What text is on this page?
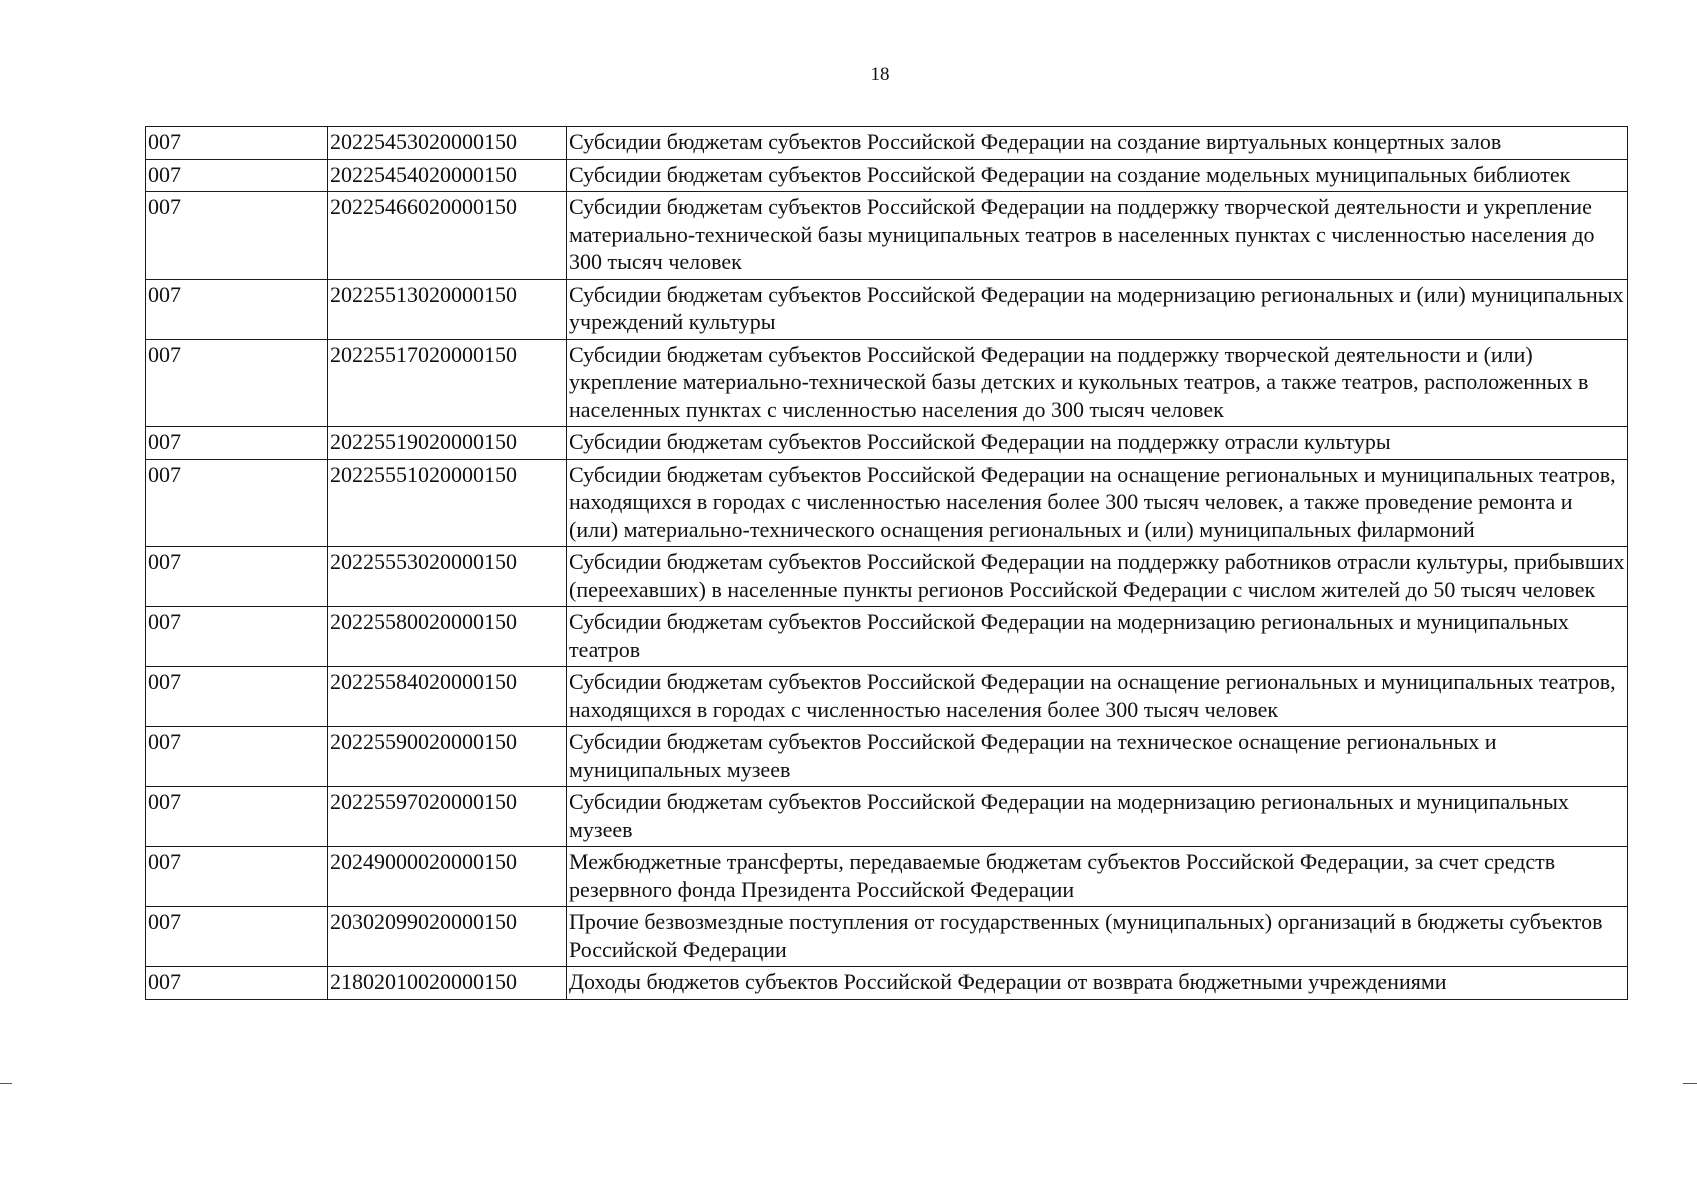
18
007	20225453020000150	Субсидии бюджетам субъектов Российской Федерации на создание виртуальных концертных залов
007	20225454020000150	Субсидии бюджетам субъектов Российской Федерации на создание модельных муниципальных библиотек
007	20225466020000150	Субсидии бюджетам субъектов Российской Федерации на поддержку творческой деятельности и укрепление материально-технической базы муниципальных театров в населенных пунктах с численностью населения до 300 тысяч человек
007	20225513020000150	Субсидии бюджетам субъектов Российской Федерации на модернизацию региональных и (или) муниципальных учреждений культуры
007	20225517020000150	Субсидии бюджетам субъектов Российской Федерации на поддержку творческой деятельности и (или) укрепление материально-технической базы детских и кукольных театров, а также театров, расположенных в населенных пунктах с численностью населения до 300 тысяч человек
007	20225519020000150	Субсидии бюджетам субъектов Российской Федерации на поддержку отрасли культуры
007	20225551020000150	Субсидии бюджетам субъектов Российской Федерации на оснащение региональных и муниципальных театров, находящихся в городах с численностью населения более 300 тысяч человек, а также проведение ремонта и (или) материально-технического оснащения региональных и (или) муниципальных филармоний
007	20225553020000150	Субсидии бюджетам субъектов Российской Федерации на поддержку работников отрасли культуры, прибывших (переехавших) в населенные пункты регионов Российской Федерации с числом жителей до 50 тысяч человек
007	20225580020000150	Субсидии бюджетам субъектов Российской Федерации на модернизацию региональных и муниципальных театров
007	20225584020000150	Субсидии бюджетам субъектов Российской Федерации на оснащение региональных и муниципальных театров, находящихся в городах с численностью населения более 300 тысяч человек
007	20225590020000150	Субсидии бюджетам субъектов Российской Федерации на техническое оснащение региональных и муниципальных музеев
007	20225597020000150	Субсидии бюджетам субъектов Российской Федерации на модернизацию региональных и муниципальных музеев
007	20249000020000150	Межбюджетные трансферты, передаваемые бюджетам субъектов Российской Федерации, за счет средств резервного фонда Президента Российской Федерации
007	20302099020000150	Прочие безвозмездные поступления от государственных (муниципальных) организаций в бюджеты субъектов Российской Федерации
007	21802010020000150	Доходы бюджетов субъектов Российской Федерации от возврата бюджетными учреждениями
